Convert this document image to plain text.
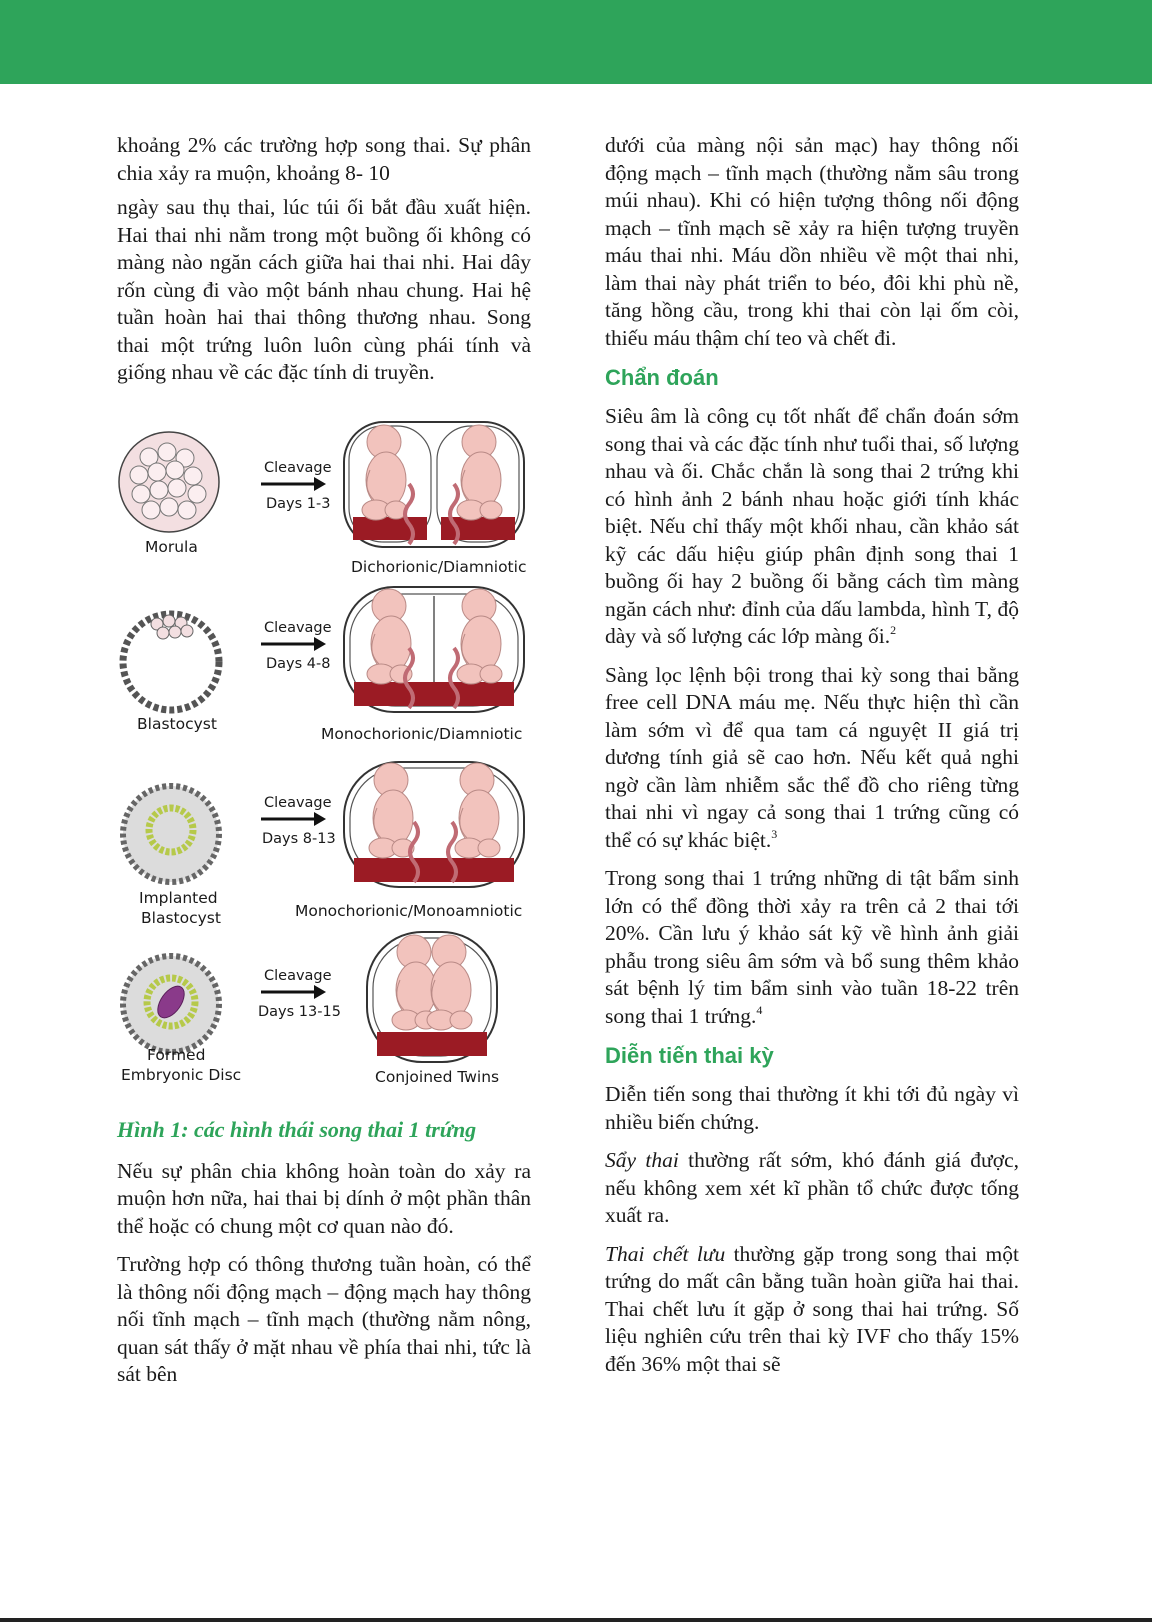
khoảng 2% các trường hợp song thai. Sự phân chia xảy ra muộn, khoảng 8- 10

ngày sau thụ thai, lúc túi ối bắt đầu xuất hiện. Hai thai nhi nằm trong một buồng ối không có màng nào ngăn cách giữa hai thai nhi. Hai dây rốn cùng đi vào một bánh nhau chung. Hai hệ tuần hoàn hai thai thông thương nhau. Song thai một trứng luôn luôn cùng phái tính và giống nhau về các đặc tính di truyền.

Cleavage
Days 1-3
Morula
Dichorionic/Diamniotic
Cleavage
Days 4-8
Blastocyst
Monochorionic/Diamniotic
Cleavage
Days 8-13
Implanted
Blastocyst	Monochorionic/Monoamniotic
Cleavage
Days 13-15
Formed
Embryonic Disc	Conjoined Twins
Hình 1: các hình thái song thai 1 trứng

Nếu sự phân chia không hoàn toàn do xảy ra muộn hơn nữa, hai thai bị dính ở một phần thân thể hoặc có chung một cơ quan nào đó.

Trường hợp có thông thương tuần hoàn, có thể là thông nối động mạch – động mạch hay thông nối tĩnh mạch – tĩnh mạch (thường nằm nông, quan sát thấy ở mặt nhau về phía thai nhi, tức là sát bên

dưới của màng nội sản mạc) hay thông nối động mạch – tĩnh mạch (thường nằm sâu trong múi nhau). Khi có hiện tượng thông nối động mạch – tĩnh mạch sẽ xảy ra hiện tượng truyền máu thai nhi. Máu dồn nhiều về một thai nhi, làm thai này phát triển to béo, đôi khi phù nề, tăng hồng cầu, trong khi thai còn lại ốm còi, thiếu máu thậm chí teo và chết đi.

Chẩn đoán

Siêu âm là công cụ tốt nhất để chẩn đoán sớm song thai và các đặc tính như tuổi thai, số lượng nhau và ối. Chắc chắn là song thai 2 trứng khi có hình ảnh 2 bánh nhau hoặc giới tính khác biệt. Nếu chỉ thấy một khối nhau, cần khảo sát kỹ các dấu hiệu giúp phân định song thai 1 buồng ối hay 2 buồng ối bằng cách tìm màng ngăn cách như: đỉnh của dấu lambda, hình T, độ dày và số lượng các lớp màng ối.$^2$

Sàng lọc lệnh bội trong thai kỳ song thai bằng free cell DNA máu mẹ. Nếu thực hiện thì cần làm sớm vì để qua tam cá nguyệt II giá trị dương tính giả sẽ cao hơn. Nếu kết quả nghi ngờ cần làm nhiễm sắc thể đồ cho riêng từng thai nhi vì ngay cả song thai 1 trứng cũng có thể có sự khác biệt.$^3$

Trong song thai 1 trứng những di tật bẩm sinh lớn có thể đồng thời xảy ra trên cả 2 thai tới 20%. Cần lưu ý khảo sát kỹ về hình ảnh giải phẫu trong siêu âm sớm và bổ sung thêm khảo sát bệnh lý tim bẩm sinh vào tuần 18-22 trên song thai 1 trứng.$^4$

Diễn tiến thai kỳ

Diễn tiến song thai thường ít khi tới đủ ngày vì nhiều biến chứng.

Sẩy thai thường rất sớm, khó đánh giá được, nếu không xem xét kĩ phần tổ chức được tống xuất ra.

Thai chết lưu thường gặp trong song thai một trứng do mất cân bằng tuần hoàn giữa hai thai. Thai chết lưu ít gặp ở song thai hai trứng. Số liệu nghiên cứu trên thai kỳ IVF cho thấy 15% đến 36% một thai sẽ
